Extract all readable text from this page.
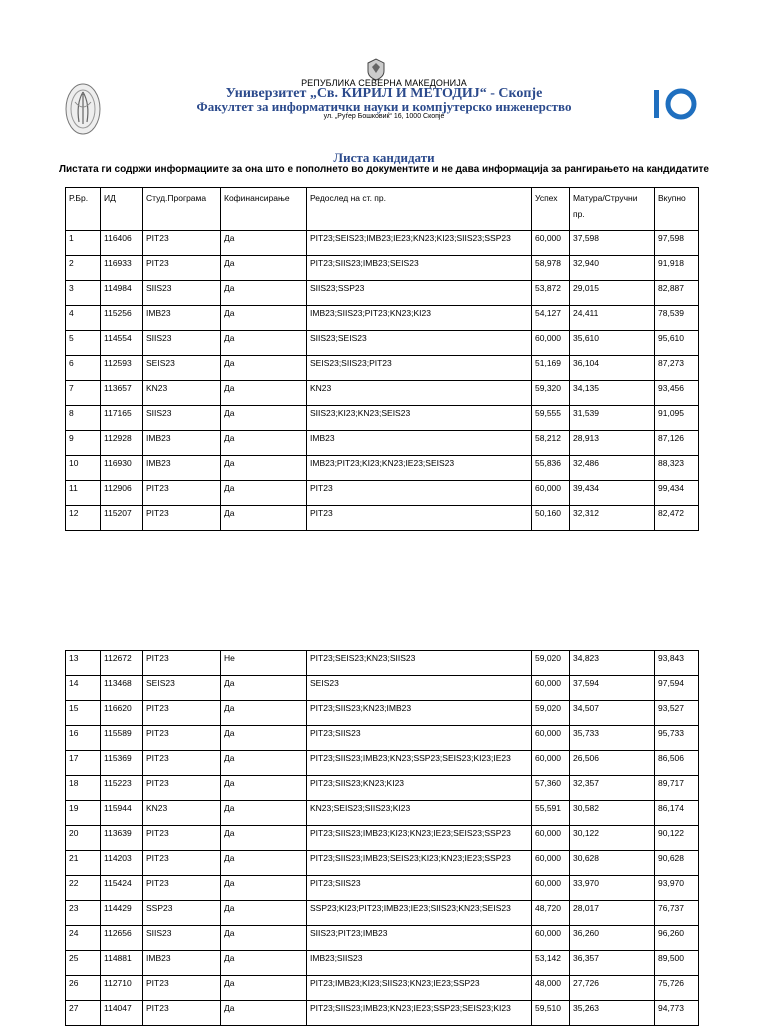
РЕПУБЛИКА СЕВЕРНА МАКЕДОНИЈА
Универзитет „Св. КИРИЛ И МЕТОДИЈ“ - Скопје
Факултет за информатички науки и компјутерско инженерство
ул. „Руѓер Бошковиќ“ 16, 1000 Скопје
Листа кандидати
Листата ги содржи информациите за она што е пополнето во документите и не дава информација за рангирањето на кандидатите
Р.Бр.	ИД	Студ.Програма	Кофинансирање	Редослед на ст. пр.	Успех	Матура/Стручни пр.	Вкупно
1	116406	PIT23	Да	PIT23;SEIS23;IMB23;IE23;KN23;KI23;SIIS23;SSP23	60,000	37,598	97,598
2	116933	PIT23	Да	PIT23;SIIS23;IMB23;SEIS23	58,978	32,940	91,918
3	114984	SIIS23	Да	SIIS23;SSP23	53,872	29,015	82,887
4	115256	IMB23	Да	IMB23;SIIS23;PIT23;KN23;KI23	54,127	24,411	78,539
5	114554	SIIS23	Да	SIIS23;SEIS23	60,000	35,610	95,610
6	112593	SEIS23	Да	SEIS23;SIIS23;PIT23	51,169	36,104	87,273
7	113657	KN23	Да	KN23	59,320	34,135	93,456
8	117165	SIIS23	Да	SIIS23;KI23;KN23;SEIS23	59,555	31,539	91,095
9	112928	IMB23	Да	IMB23	58,212	28,913	87,126
10	116930	IMB23	Да	IMB23;PIT23;KI23;KN23;IE23;SEIS23	55,836	32,486	88,323
11	112906	PIT23	Да	PIT23	60,000	39,434	99,434
12	115207	PIT23	Да	PIT23	50,160	32,312	82,472
13	112672	PIT23	Не	PIT23;SEIS23;KN23;SIIS23	59,020	34,823	93,843
14	113468	SEIS23	Да	SEIS23	60,000	37,594	97,594
15	116620	PIT23	Да	PIT23;SIIS23;KN23;IMB23	59,020	34,507	93,527
16	115589	PIT23	Да	PIT23;SIIS23	60,000	35,733	95,733
17	115369	PIT23	Да	PIT23;SIIS23;IMB23;KN23;SSP23;SEIS23;KI23;IE23	60,000	26,506	86,506
18	115223	PIT23	Да	PIT23;SIIS23;KN23;KI23	57,360	32,357	89,717
19	115944	KN23	Да	KN23;SEIS23;SIIS23;KI23	55,591	30,582	86,174
20	113639	PIT23	Да	PIT23;SIIS23;IMB23;KI23;KN23;IE23;SEIS23;SSP23	60,000	30,122	90,122
21	114203	PIT23	Да	PIT23;SIIS23;IMB23;SEIS23;KI23;KN23;IE23;SSP23	60,000	30,628	90,628
22	115424	PIT23	Да	PIT23;SIIS23	60,000	33,970	93,970
23	114429	SSP23	Да	SSP23;KI23;PIT23;IMB23;IE23;SIIS23;KN23;SEIS23	48,720	28,017	76,737
24	112656	SIIS23	Да	SIIS23;PIT23;IMB23	60,000	36,260	96,260
25	114881	IMB23	Да	IMB23;SIIS23	53,142	36,357	89,500
26	112710	PIT23	Да	PIT23;IMB23;KI23;SIIS23;KN23;IE23;SSP23	48,000	27,726	75,726
27	114047	PIT23	Да	PIT23;SIIS23;IMB23;KN23;IE23;SSP23;SEIS23;KI23	59,510	35,263	94,773
